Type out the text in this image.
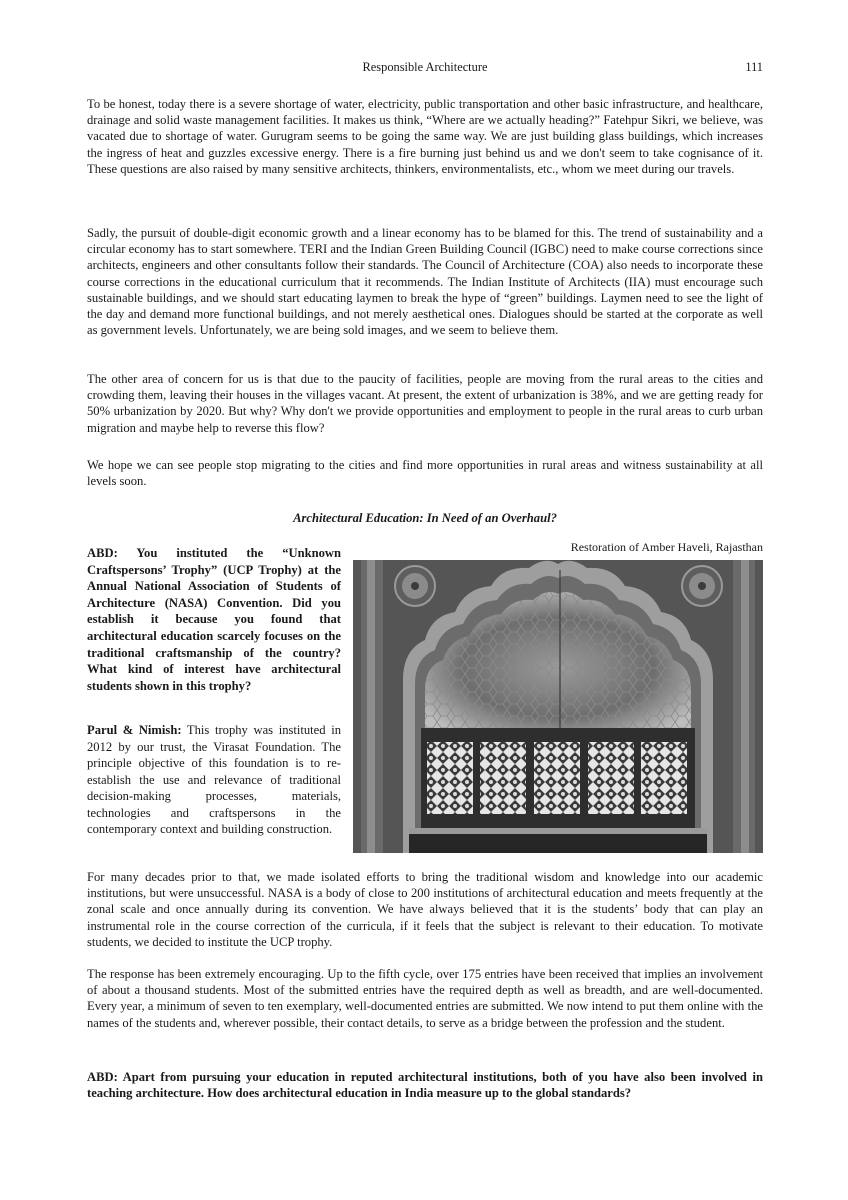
Responsible Architecture	111

To be honest, today there is a severe shortage of water, electricity, public transportation and other basic infrastructure, and healthcare, drainage and solid waste management facilities. It makes us think, “Where are we actually heading?” Fatehpur Sikri, we believe, was vacated due to shortage of water. Gurugram seems to be going the same way. We are just building glass buildings, which increases the ingress of heat and guzzles excessive energy. There is a fire burning just behind us and we don't seem to take cognisance of it. These questions are also raised by many sensitive architects, thinkers, environmentalists, etc., whom we meet during our travels.

Sadly, the pursuit of double-digit economic growth and a linear economy has to be blamed for this. The trend of sustainability and a circular economy has to start somewhere. TERI and the Indian Green Building Council (IGBC) need to make course corrections since architects, engineers and other consultants follow their standards. The Council of Architecture (COA) also needs to incorporate these course corrections in the educational curriculum that it recommends. The Indian Institute of Architects (IIA) must encourage such sustainable buildings, and we should start educating laymen to break the hype of “green” buildings. Laymen need to see the light of the day and demand more functional buildings, and not merely aesthetical ones. Dialogues should be started at the corporate as well as government levels. Unfortunately, we are being sold images, and we seem to believe them.

The other area of concern for us is that due to the paucity of facilities, people are moving from the rural areas to the cities and crowding them, leaving their houses in the villages vacant. At present, the extent of urbanization is 38%, and we are getting ready for 50% urbanization by 2020. But why? Why don't we provide opportunities and employment to people in the rural areas to curb urban migration and maybe help to reverse this flow?

We hope we can see people stop migrating to the cities and find more opportunities in rural areas and witness sustainability at all levels soon.

Architectural Education: In Need of an Overhaul?

ABD: You instituted the “Unknown Craftspersons’ Trophy” (UCP Trophy) at the Annual National Association of Students of Architecture (NASA) Convention. Did you establish it because you found that architectural education scarcely focuses on the traditional craftsmanship of the country? What kind of interest have architectural students shown in this trophy?

Parul & Nimish: This trophy was instituted in 2012 by our trust, the Virasat Foundation. The principle objective of this foundation is to re-establish the use and relevance of traditional decision-making processes, materials, technologies and craftspersons in the contemporary context and building construction.

Restoration of Amber Haveli, Rajasthan

For many decades prior to that, we made isolated efforts to bring the traditional wisdom and knowledge into our academic institutions, but were unsuccessful. NASA is a body of close to 200 institutions of architectural education and meets frequently at the zonal scale and once annually during its convention. We have always believed that it is the students’ body that can play an instrumental role in the course correction of the curricula, if it feels that the subject is relevant to their education. To motivate students, we decided to institute the UCP trophy.

The response has been extremely encouraging. Up to the fifth cycle, over 175 entries have been received that implies an involvement of about a thousand students. Most of the submitted entries have the required depth as well as breadth, and are well-documented. Every year, a minimum of seven to ten exemplary, well-documented entries are submitted. We now intend to put them online with the names of the students and, wherever possible, their contact details, to serve as a bridge between the profession and the student.

ABD: Apart from pursuing your education in reputed architectural institutions, both of you have also been involved in teaching architecture. How does architectural education in India measure up to the global standards?
